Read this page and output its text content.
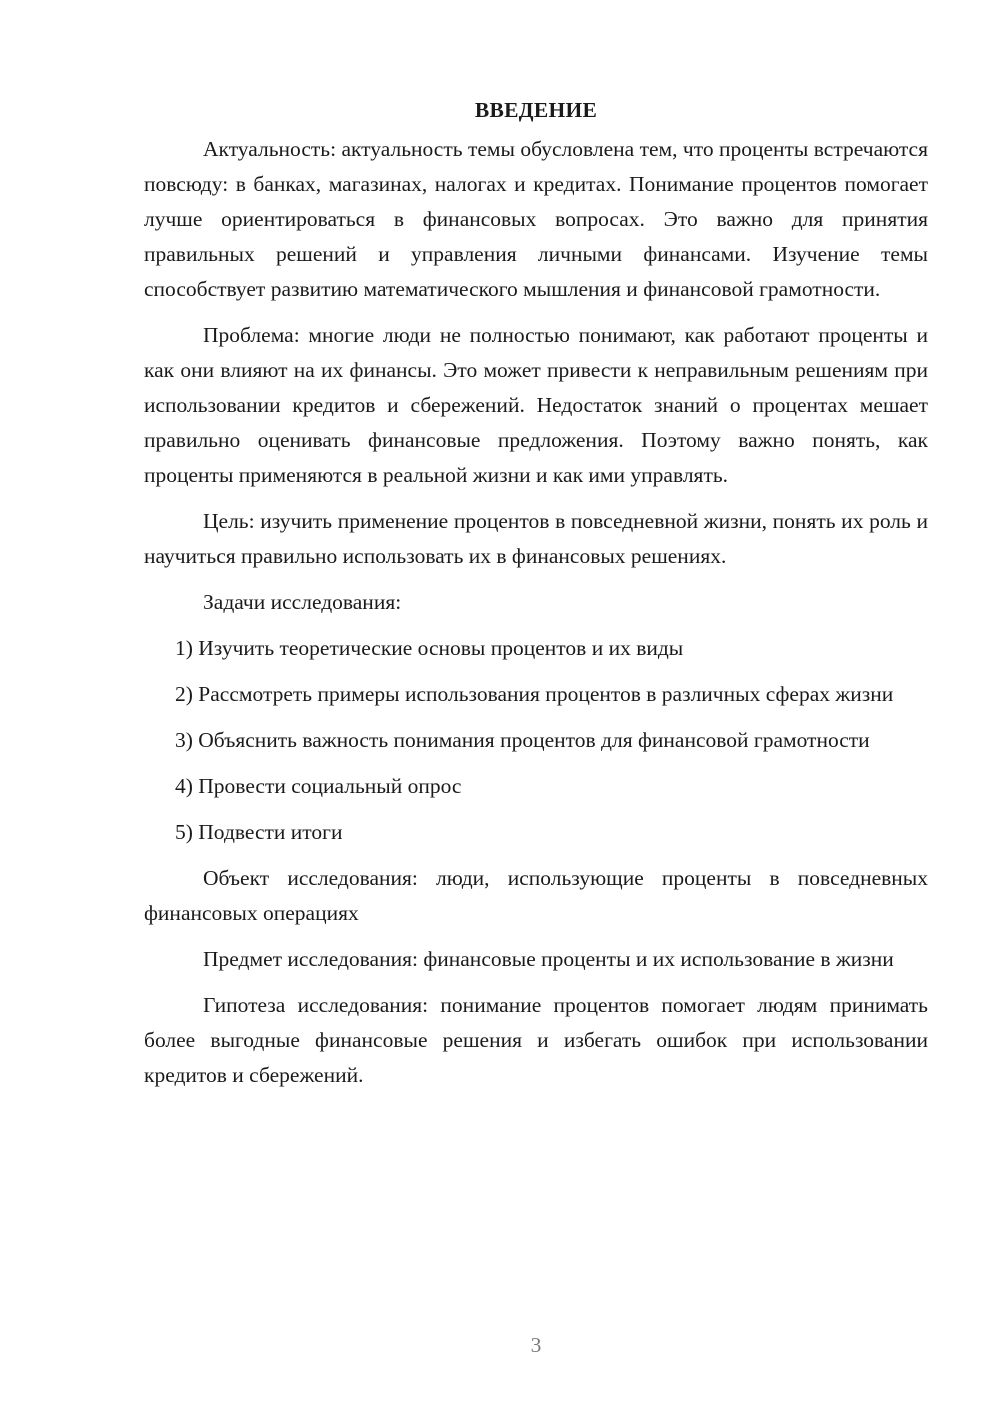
ВВЕДЕНИЕ

Актуальность: актуальность темы обусловлена тем, что проценты встречаются повсюду: в банках, магазинах, налогах и кредитах. Понимание процентов помогает лучше ориентироваться в финансовых вопросах. Это важно для принятия правильных решений и управления личными финансами. Изучение темы способствует развитию математического мышления и финансовой грамотности.

Проблема: многие люди не полностью понимают, как работают проценты и как они влияют на их финансы. Это может привести к неправильным решениям при использовании кредитов и сбережений. Недостаток знаний о процентах мешает правильно оценивать финансовые предложения. Поэтому важно понять, как проценты применяются в реальной жизни и как ими управлять.

Цель: изучить применение процентов в повседневной жизни, понять их роль и научиться правильно использовать их в финансовых решениях.

Задачи исследования:

1) Изучить теоретические основы процентов и их виды

2) Рассмотреть примеры использования процентов в различных сферах жизни

3) Объяснить важность понимания процентов для финансовой грамотности

4) Провести социальный опрос

5) Подвести итоги

Объект исследования: люди, использующие проценты в повседневных финансовых операциях

Предмет исследования: финансовые проценты и их использование в жизни

Гипотеза исследования: понимание процентов помогает людям принимать более выгодные финансовые решения и избегать ошибок при использовании кредитов и сбережений.

3
